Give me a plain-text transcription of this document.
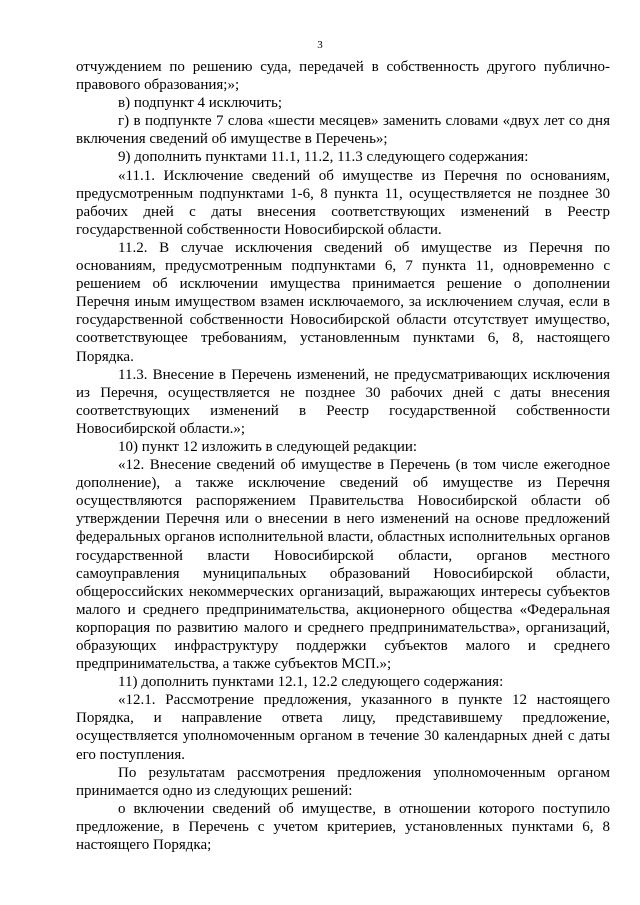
3

отчуждением по решению суда, передачей в собственность другого публично-правового образования;»;

в) подпункт 4 исключить;

г) в подпункте 7 слова «шести месяцев» заменить словами «двух лет со дня включения сведений об имуществе в Перечень»;

9) дополнить пунктами 11.1, 11.2, 11.3 следующего содержания:

«11.1. Исключение сведений об имуществе из Перечня по основаниям, предусмотренным подпунктами 1-6, 8 пункта 11, осуществляется не позднее 30 рабочих дней с даты внесения соответствующих изменений в Реестр государственной собственности Новосибирской области.

11.2. В случае исключения сведений об имуществе из Перечня по основаниям, предусмотренным подпунктами 6, 7 пункта 11, одновременно с решением об исключении имущества принимается решение о дополнении Перечня иным имуществом взамен исключаемого, за исключением случая, если в государственной собственности Новосибирской области отсутствует имущество, соответствующее требованиям, установленным пунктами 6, 8, настоящего Порядка.

11.3. Внесение в Перечень изменений, не предусматривающих исключения из Перечня, осуществляется не позднее 30 рабочих дней с даты внесения соответствующих изменений в Реестр государственной собственности Новосибирской области.»;

10) пункт 12 изложить в следующей редакции:

«12. Внесение сведений об имуществе в Перечень (в том числе ежегодное дополнение), а также исключение сведений об имуществе из Перечня осуществляются распоряжением Правительства Новосибирской области об утверждении Перечня или о внесении в него изменений на основе предложений федеральных органов исполнительной власти, областных исполнительных органов государственной власти Новосибирской области, органов местного самоуправления муниципальных образований Новосибирской области, общероссийских некоммерческих организаций, выражающих интересы субъектов малого и среднего предпринимательства, акционерного общества «Федеральная корпорация по развитию малого и среднего предпринимательства», организаций, образующих инфраструктуру поддержки субъектов малого и среднего предпринимательства, а также субъектов МСП.»;

11) дополнить пунктами 12.1, 12.2 следующего содержания:

«12.1. Рассмотрение предложения, указанного в пункте 12 настоящего Порядка, и направление ответа лицу, представившему предложение, осуществляется уполномоченным органом в течение 30 календарных дней с даты его поступления.

По результатам рассмотрения предложения уполномоченным органом принимается одно из следующих решений:

о включении сведений об имуществе, в отношении которого поступило предложение, в Перечень с учетом критериев, установленных пунктами 6, 8 настоящего Порядка;
